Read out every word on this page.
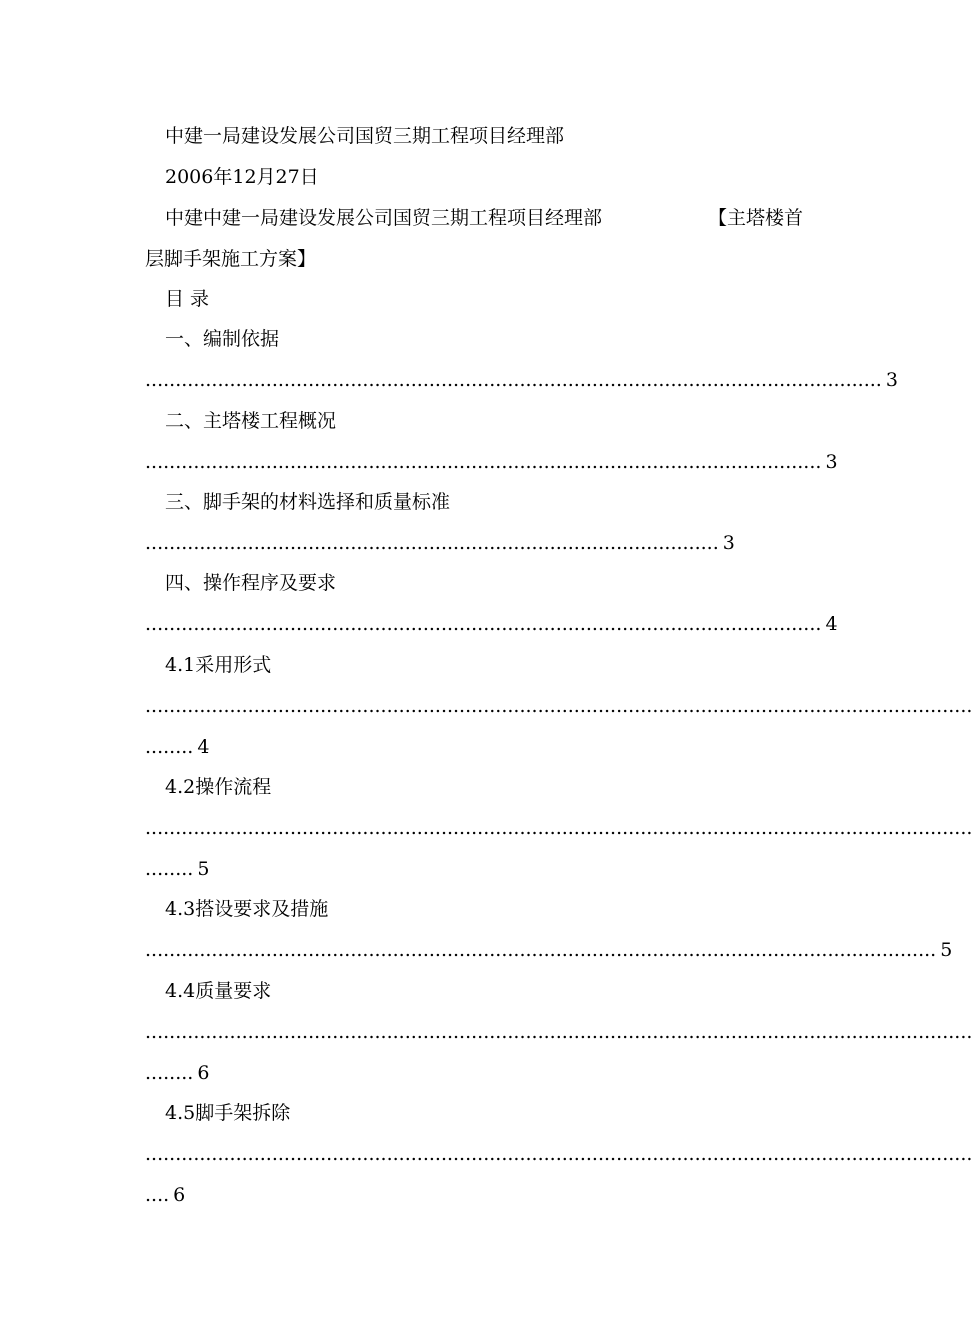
中建一局建设发展公司国贸三期工程项目经理部
2006年12月27日
中建中建一局建设发展公司国贸三期工程项目经理部	【主塔楼首
层脚手架施工方案】
目 录
一、编制依据
.......................................................................................................................... 3
二、主塔楼工程概况
................................................................................................................ 3
三、脚手架的材料选择和质量标准
............................................................................................... 3
四、操作程序及要求
................................................................................................................ 4
4.1采用形式
.........................................................................................................................................
........ 4
4.2操作流程
.........................................................................................................................................
........ 5
4.3搭设要求及措施
................................................................................................................................... 5
4.4质量要求
.........................................................................................................................................
........ 6
4.5脚手架拆除
.........................................................................................................................................
.... 6
